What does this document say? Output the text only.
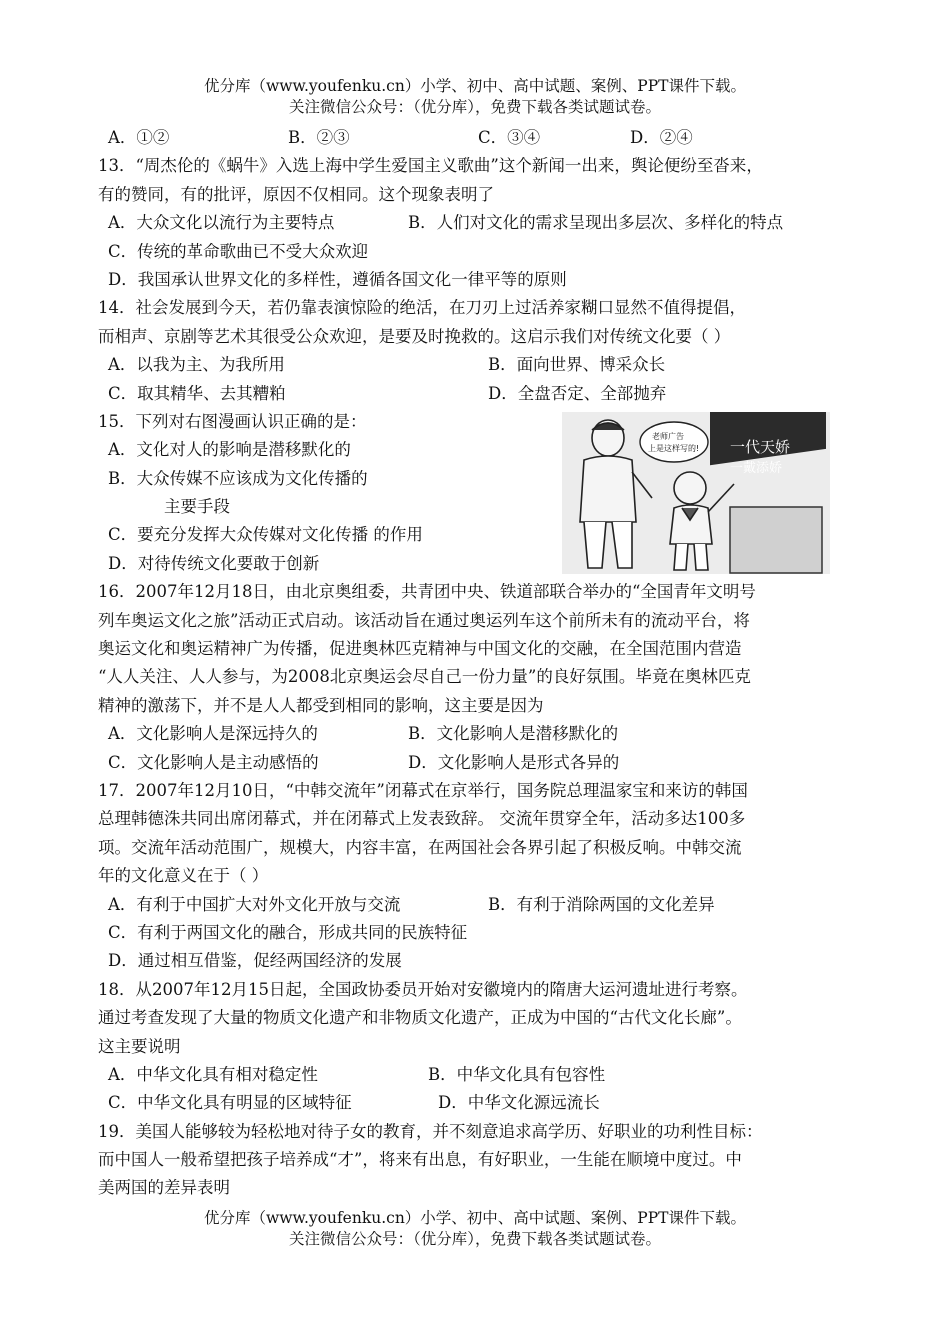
优分库（www.youfenku.cn）小学、初中、高中试题、案例、PPT课件下载。
关注微信公众号：（优分库），免费下载各类试题试卷。
A．①②	B．②③	C．③④	D．②④
13．“周杰伦的《蜗牛》入选上海中学生爱国主义歌曲”这个新闻一出来，舆论便纷至沓来，
有的赞同，有的批评，原因不仅相同。这个现象表明了
A．大众文化以流行为主要特点	B．人们对文化的需求呈现出多层次、多样化的特点
C．传统的革命歌曲已不受大众欢迎
D．我国承认世界文化的多样性，遵循各国文化一律平等的原则
14．社会发展到今天，若仍靠表演惊险的绝活，在刀刃上过活养家糊口显然不值得提倡，
而相声、京剧等艺术其很受公众欢迎，是要及时挽救的。这启示我们对传统文化要（ ）
A．以我为主、为我所用	B．面向世界、博采众长
C．取其精华、去其糟粕	D．全盘否定、全部抛弃
15．下列对右图漫画认识正确的是：
A．文化对人的影响是潜移默化的
B．大众传媒不应该成为文化传播的
主要手段
C．要充分发挥大众传媒对文化传播 的作用
D．对待传统文化要敢于创新
16．2007年12月18日，由北京奥组委，共青团中央、铁道部联合举办的“全国青年文明号
列车奥运文化之旅”活动正式启动。该活动旨在通过奥运列车这个前所未有的流动平台，将
奥运文化和奥运精神广为传播，促进奥林匹克精神与中国文化的交融，在全国范围内营造
“人人关注、人人参与，为2008北京奥运会尽自己一份力量”的良好氛围。毕竟在奥林匹克
精神的激荡下，并不是人人都受到相同的影响，这主要是因为
A．文化影响人是深远持久的	B．文化影响人是潜移默化的
C．文化影响人是主动感悟的	D．文化影响人是形式各异的
17．2007年12月10日，“中韩交流年”闭幕式在京举行，国务院总理温家宝和来访的韩国
总理韩德洙共同出席闭幕式，并在闭幕式上发表致辞。 交流年贯穿全年，活动多达100多
项。交流年活动范围广，规模大，内容丰富，在两国社会各界引起了积极反响。中韩交流
年的文化意义在于（ ）
A．有利于中国扩大对外文化开放与交流	B．有利于消除两国的文化差异
C．有利于两国文化的融合，形成共同的民族特征
D．通过相互借鉴，促经两国经济的发展
18．从2007年12月15日起，全国政协委员开始对安徽境内的隋唐大运河遗址进行考察。
通过考查发现了大量的物质文化遗产和非物质文化遗产，正成为中国的“古代文化长廊”。
这主要说明
A．中华文化具有相对稳定性	B．中华文化具有包容性
C．中华文化具有明显的区域特征	D．中华文化源远流长
19．美国人能够较为轻松地对待子女的教育，并不刻意追求高学历、好职业的功利性目标：
而中国人一般希望把孩子培养成“才”，将来有出息，有好职业，一生能在顺境中度过。中
美两国的差异表明
一代天娇
一戴添娇
老师广告
上是这样写的!
优分库（www.youfenku.cn）小学、初中、高中试题、案例、PPT课件下载。
关注微信公众号：（优分库），免费下载各类试题试卷。
